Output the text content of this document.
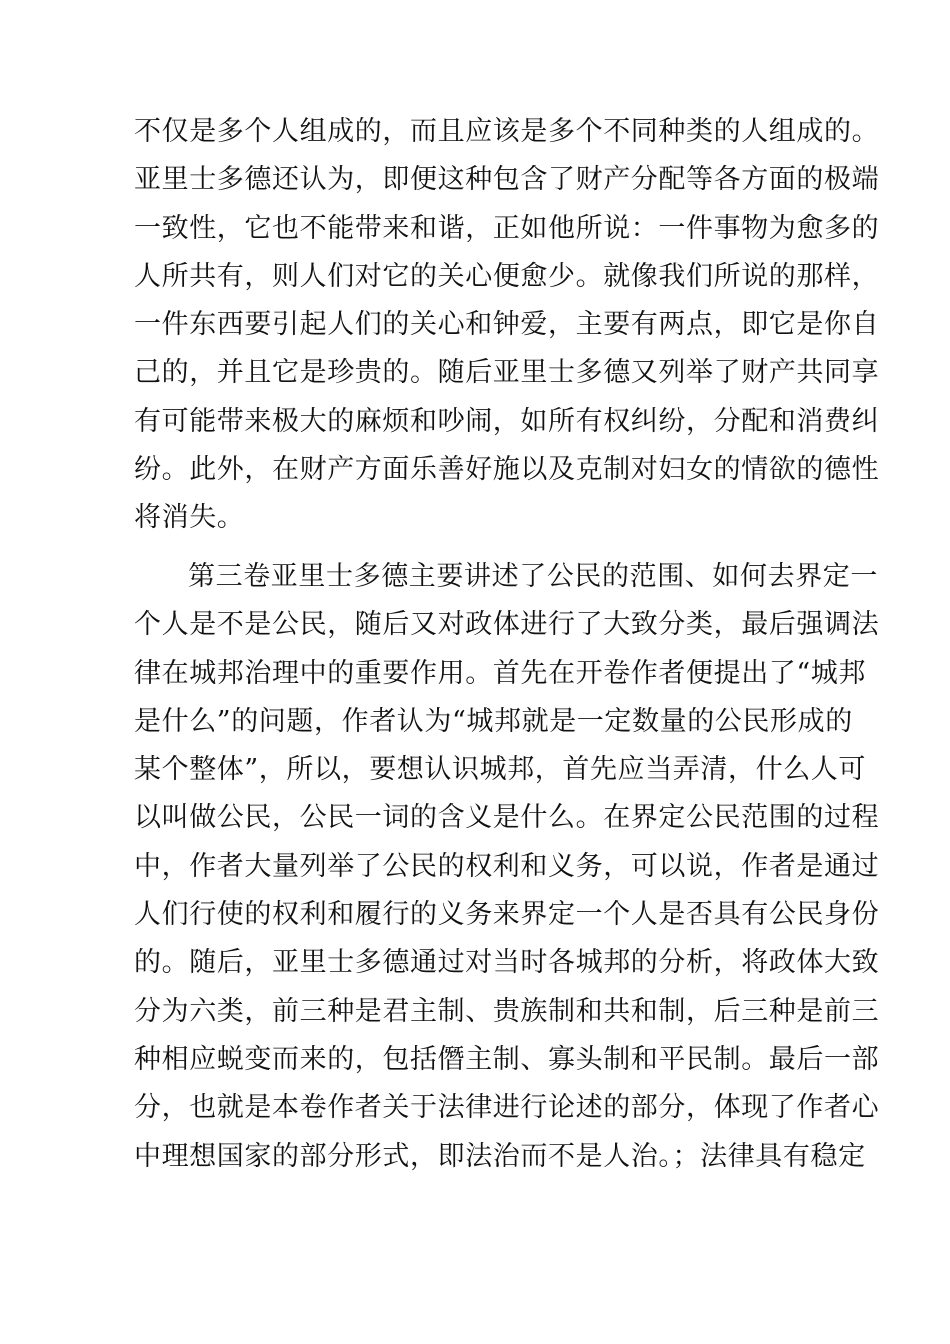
不仅是多个人组成的，而且应该是多个不同种类的人组成的。
亚里士多德还认为，即便这种包含了财产分配等各方面的极端
一致性，它也不能带来和谐，正如他所说：一件事物为愈多的
人所共有，则人们对它的关心便愈少。就像我们所说的那样，
一件东西要引起人们的关心和钟爱，主要有两点，即它是你自
己的，并且它是珍贵的。随后亚里士多德又列举了财产共同享
有可能带来极大的麻烦和吵闹，如所有权纠纷，分配和消费纠
纷。此外，在财产方面乐善好施以及克制对妇女的情欲的德性
将消失。
第三卷亚里士多德主要讲述了公民的范围、如何去界定一
个人是不是公民，随后又对政体进行了大致分类，最后强调法
律在城邦治理中的重要作用。首先在开卷作者便提出了“城邦
是什么”的问题，作者认为“城邦就是一定数量的公民形成的
某个整体”，所以，要想认识城邦，首先应当弄清，什么人可
以叫做公民，公民一词的含义是什么。在界定公民范围的过程
中，作者大量列举了公民的权利和义务，可以说，作者是通过
人们行使的权利和履行的义务来界定一个人是否具有公民身份
的。随后，亚里士多德通过对当时各城邦的分析，将政体大致
分为六类，前三种是君主制、贵族制和共和制，后三种是前三
种相应蜕变而来的，包括僭主制、寡头制和平民制。最后一部
分，也就是本卷作者关于法律进行论述的部分，体现了作者心
中理想国家的部分形式，即法治而不是人治。；法律具有稳定
